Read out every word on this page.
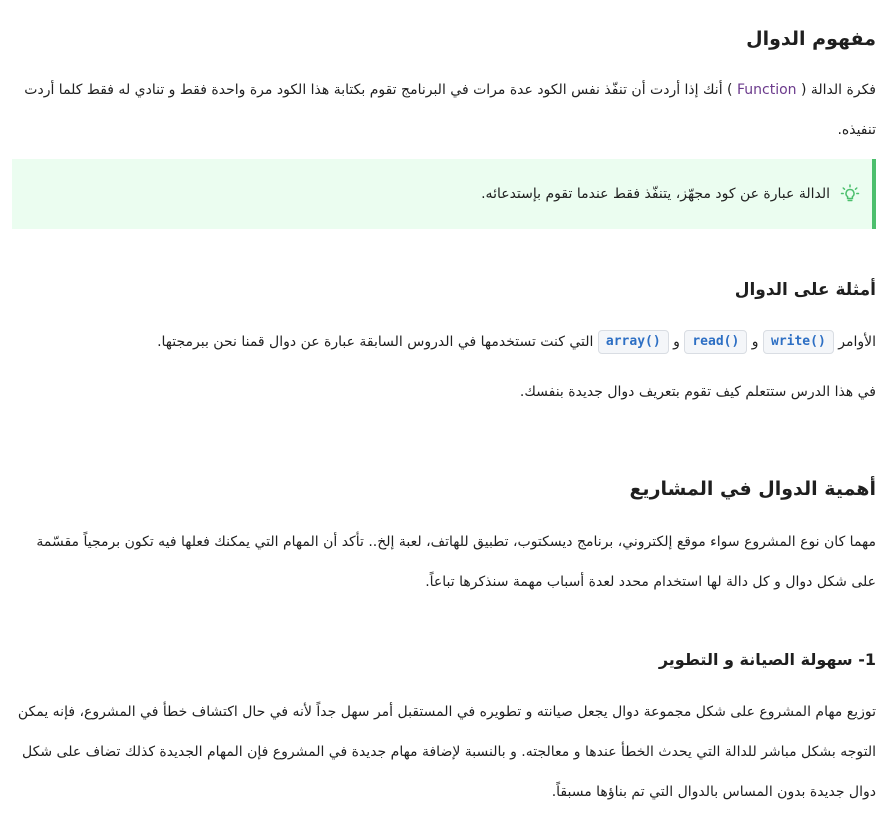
مفهوم الدوال

فكرة الدالة ( Function ) أنك إذا أردت أن تنفّذ نفس الكود عدة مرات في البرنامج تقوم بكتابة هذا الكود مرة واحدة فقط و تنادي له فقط كلما أردت تنفيذه.

الدالة عبارة عن كود مجهّز، يتنفّذ فقط عندما تقوم بإستدعائه.
أمثلة على الدوال

الأوامر write() و read() و array() التي كنت تستخدمها في الدروس السابقة عبارة عن دوال قمنا نحن ببرمجتها.

في هذا الدرس ستتعلم كيف تقوم بتعريف دوال جديدة بنفسك.

أهمية الدوال في المشاريع

مهما كان نوع المشروع سواء موقع إلكتروني، برنامج ديسكتوب، تطبيق للهاتف، لعبة إلخ.. تأكد أن المهام التي يمكنك فعلها فيه تكون برمجياً مقسّمة على شكل دوال و كل دالة لها استخدام محدد لعدة أسباب مهمة سنذكرها تباعاً.

1- سهولة الصيانة و التطوير

توزيع مهام المشروع على شكل مجموعة دوال يجعل صيانته و تطويره في المستقبل أمر سهل جداً لأنه في حال اكتشاف خطأ في المشروع، فإنه يمكن التوجه بشكل مباشر للدالة التي يحدث الخطأ عندها و معالجته. و بالنسبة لإضافة مهام جديدة في المشروع فإن المهام الجديدة كذلك تضاف على شكل دوال جديدة بدون المساس بالدوال التي تم بناؤها مسبقاً.
